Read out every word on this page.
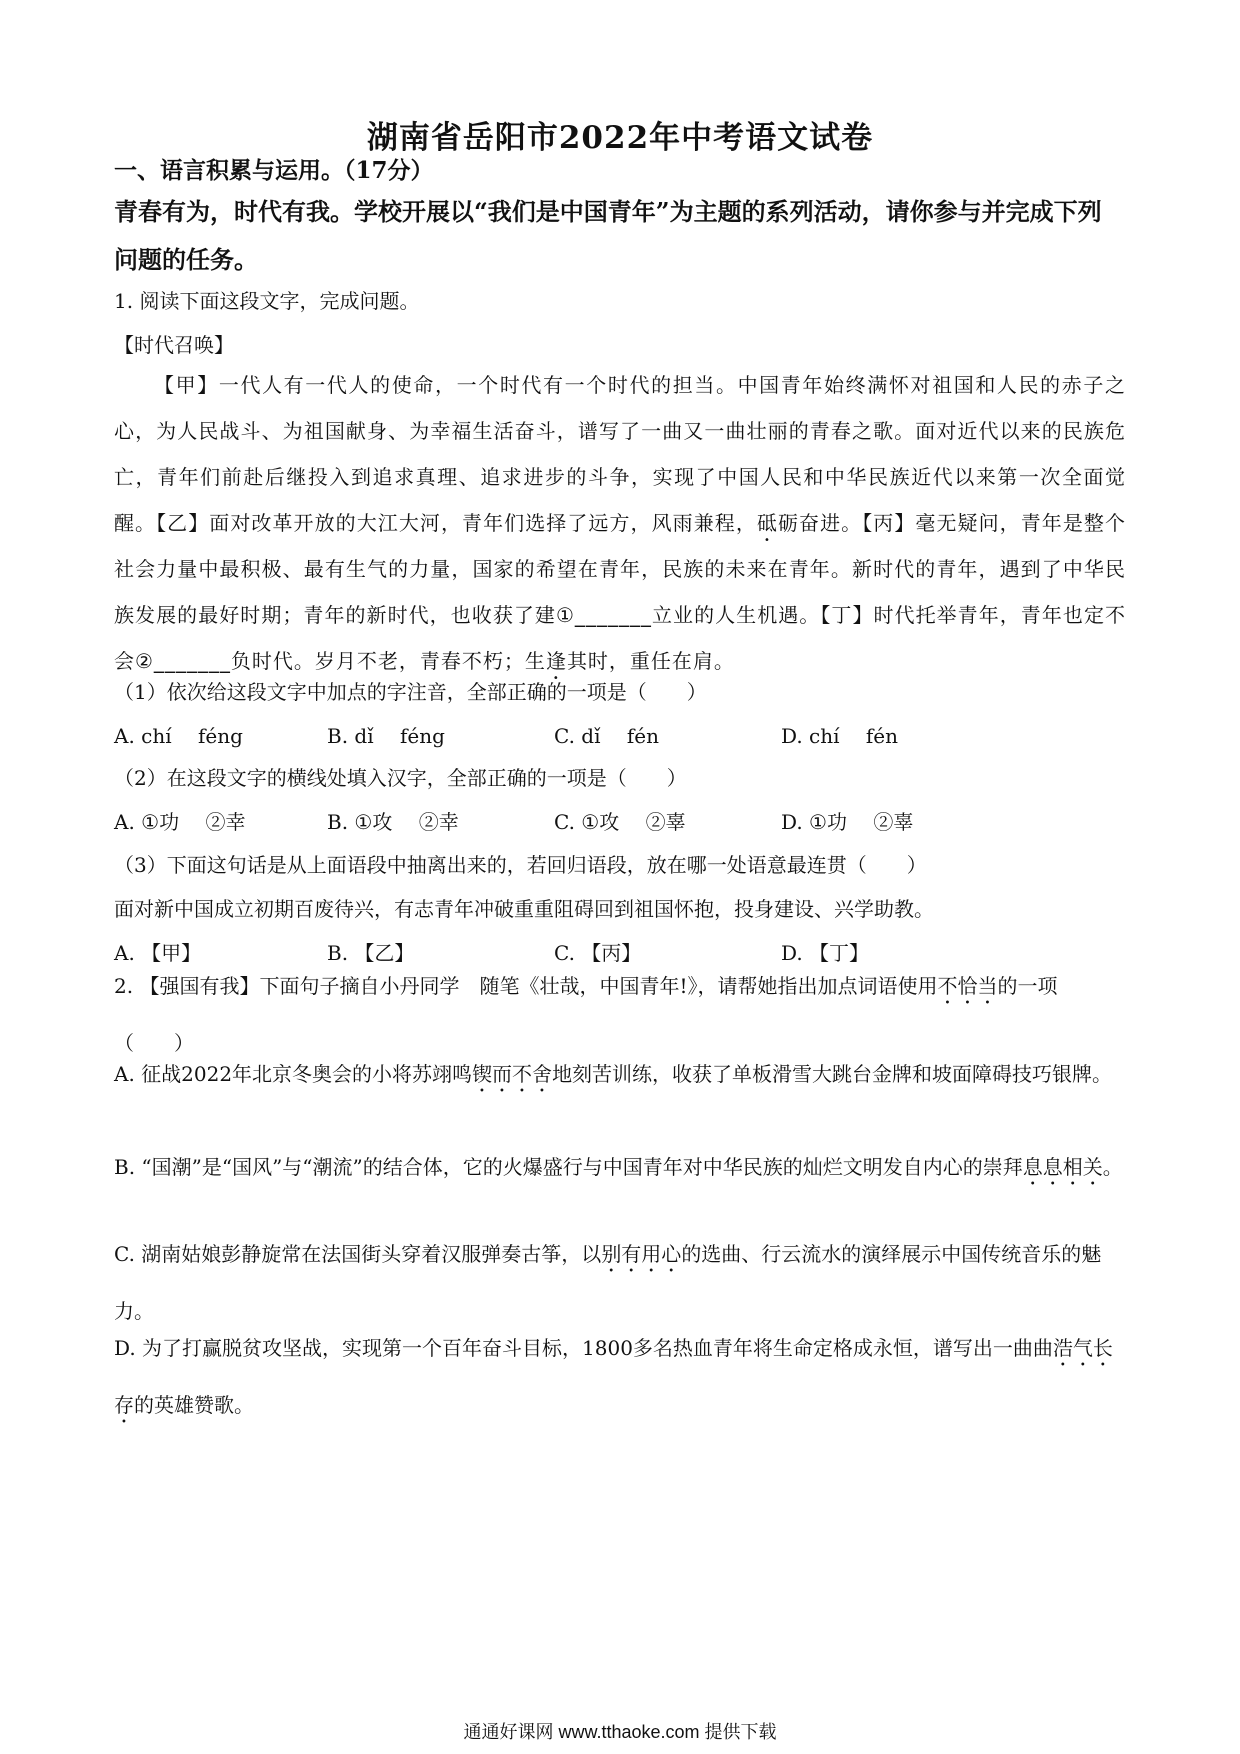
湖南省岳阳市2022年中考语文试卷
一、语言积累与运用。（17分）
青春有为，时代有我。学校开展以“我们是中国青年”为主题的系列活动，请你参与并完成下列问题的任务。
1. 阅读下面这段文字，完成问题。
【时代召唤】
【甲】一代人有一代人的使命，一个时代有一个时代的担当。中国青年始终满怀对祖国和人民的赤子之心，为人民战斗、为祖国献身、为幸福生活奋斗，谱写了一曲又一曲壮丽的青春之歌。面对近代以来的民族危亡，青年们前赴后继投入到追求真理、追求进步的斗争，实现了中国人民和中华民族近代以来第一次全面觉醒。【乙】面对改革开放的大江大河，青年们选择了远方，风雨兼程，砥砺奋进。【丙】毫无疑问，青年是整个社会力量中最积极、最有生气的力量，国家的希望在青年，民族的未来在青年。新时代的青年，遇到了中华民族发展的最好时期；青年的新时代，也收获了建①_______立业的人生机遇。【丁】时代托举青年，青年也定不会②_______负时代。岁月不老，青春不朽；生逢其时，重任在肩。
（1）依次给这段文字中加点的字注音，全部正确的一项是（　　）
A. chí　 féng	B. dǐ　 féng	C. dǐ　 fén	D. chí　 fén
（2）在这段文字的横线处填入汉字，全部正确的一项是（　　）
A. ①功　 ②幸	B. ①攻　 ②幸	C. ①攻　 ②辜	D. ①功　 ②辜
（3）下面这句话是从上面语段中抽离出来的，若回归语段，放在哪一处语意最连贯（　　）
面对新中国成立初期百废待兴，有志青年冲破重重阻碍回到祖国怀抱，投身建设、兴学助教。
A. 【甲】	B. 【乙】	C. 【丙】	D. 【丁】
2. 【强国有我】下面句子摘自小丹同学　随笔《壮哉，中国青年!》，请帮她指出加点词语使用不恰当的一项（　　）
A. 征战2022年北京冬奥会的小将苏翊鸣锲而不舍地刻苦训练，收获了单板滑雪大跳台金牌和坡面障碍技巧银牌。
B. “国潮”是“国风”与“潮流”的结合体，它的火爆盛行与中国青年对中华民族的灿烂文明发自内心的崇拜息息相关。
C. 湖南姑娘彭静旋常在法国街头穿着汉服弹奏古筝，以别有用心的选曲、行云流水的演绎展示中国传统音乐的魅力。
D. 为了打赢脱贫攻坚战，实现第一个百年奋斗目标，1800多名热血青年将生命定格成永恒，谱写出一曲曲浩气长存的英雄赞歌。
通通好课网 www.tthaoke.com 提供下载
